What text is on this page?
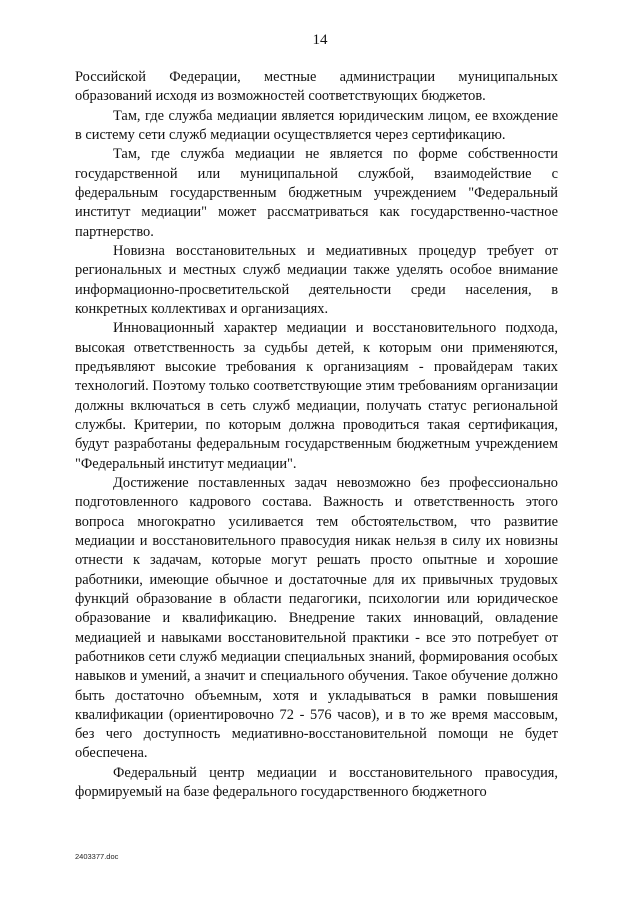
14

Российской Федерации, местные администрации муниципальных образований исходя из возможностей соответствующих бюджетов.

Там, где служба медиации является юридическим лицом, ее вхождение в систему сети служб медиации осуществляется через сертификацию.

Там, где служба медиации не является по форме собственности государственной или муниципальной службой, взаимодействие с федеральным государственным бюджетным учреждением "Федеральный институт медиации" может рассматриваться как государственно-частное партнерство.

Новизна восстановительных и медиативных процедур требует от региональных и местных служб медиации также уделять особое внимание информационно-просветительской деятельности среди населения, в конкретных коллективах и организациях.

Инновационный характер медиации и восстановительного подхода, высокая ответственность за судьбы детей, к которым они применяются, предъявляют высокие требования к организациям - провайдерам таких технологий. Поэтому только соответствующие этим требованиям организации должны включаться в сеть служб медиации, получать статус региональной службы. Критерии, по которым должна проводиться такая сертификация, будут разработаны федеральным государственным бюджетным учреждением "Федеральный институт медиации".

Достижение поставленных задач невозможно без профессионально подготовленного кадрового состава. Важность и ответственность этого вопроса многократно усиливается тем обстоятельством, что развитие медиации и восстановительного правосудия никак нельзя в силу их новизны отнести к задачам, которые могут решать просто опытные и хорошие работники, имеющие обычное и достаточные для их привычных трудовых функций образование в области педагогики, психологии или юридическое образование и квалификацию. Внедрение таких инноваций, овладение медиацией и навыками восстановительной практики - все это потребует от работников сети служб медиации специальных знаний, формирования особых навыков и умений, а значит и специального обучения. Такое обучение должно быть достаточно объемным, хотя и укладываться в рамки повышения квалификации (ориентировочно 72 - 576 часов), и в то же время массовым, без чего доступность медиативно-восстановительной помощи не будет обеспечена.

Федеральный центр медиации и восстановительного правосудия, формируемый на базе федерального государственного бюджетного

2403377.doc
